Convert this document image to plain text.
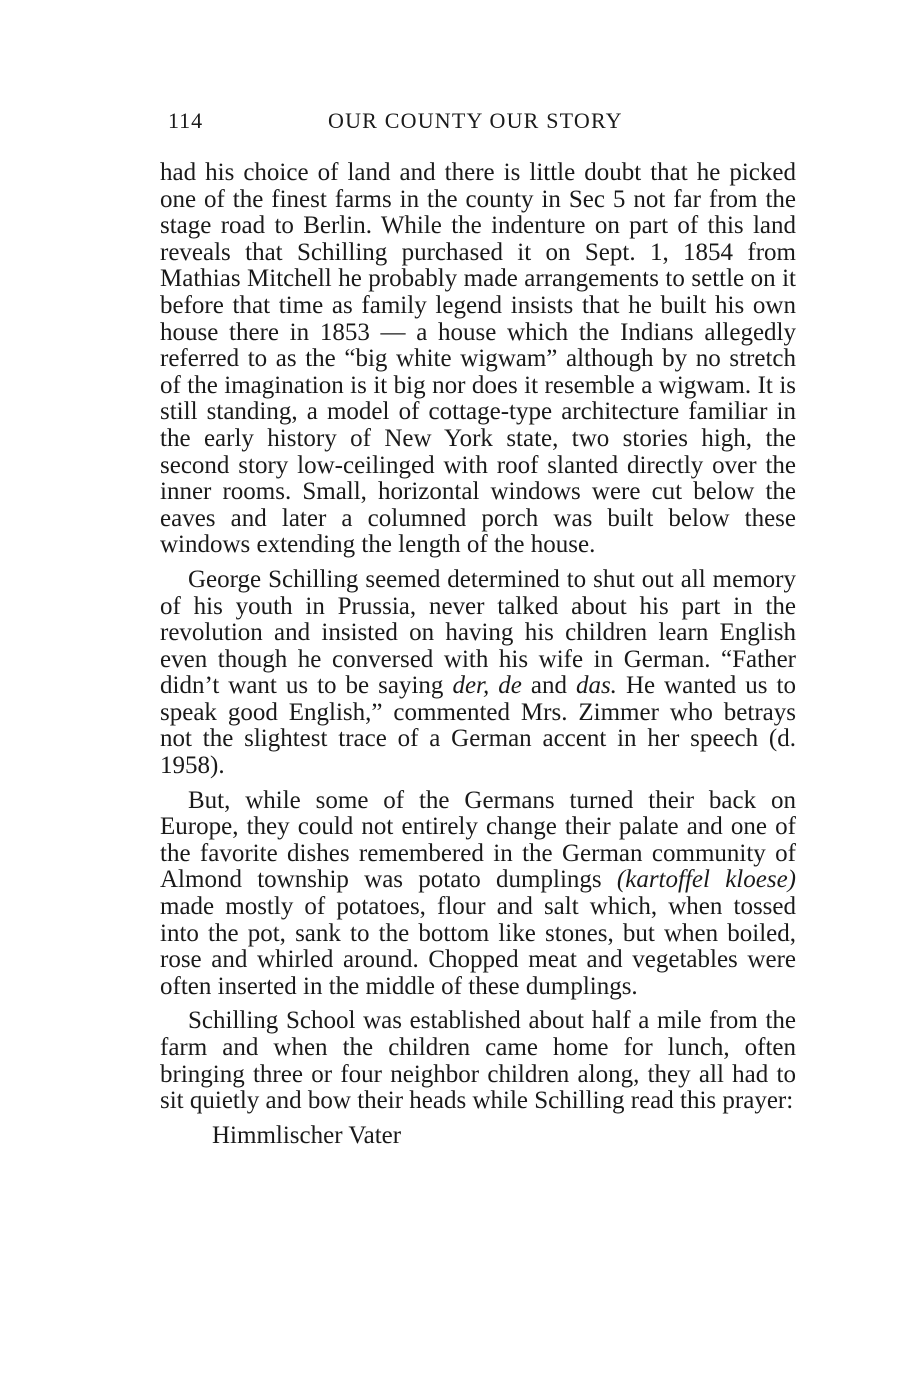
114	OUR COUNTY OUR STORY

had his choice of land and there is little doubt that he picked one of the finest farms in the county in Sec 5 not far from the stage road to Berlin. While the indenture on part of this land reveals that Schilling purchased it on Sept. 1, 1854 from Mathias Mitchell he probably made arrangements to settle on it before that time as family legend insists that he built his own house there in 1853 — a house which the Indians allegedly referred to as the “big white wigwam” although by no stretch of the imagination is it big nor does it resemble a wigwam. It is still standing, a model of cottage-type architecture familiar in the early history of New York state, two stories high, the second story low-ceilinged with roof slanted directly over the inner rooms. Small, horizontal windows were cut below the eaves and later a columned porch was built below these windows extending the length of the house.

George Schilling seemed determined to shut out all memory of his youth in Prussia, never talked about his part in the revolution and insisted on having his children learn English even though he conversed with his wife in German. “Father didn’t want us to be saying der, de and das. He wanted us to speak good English,” commented Mrs. Zimmer who betrays not the slightest trace of a German accent in her speech (d. 1958).

But, while some of the Germans turned their back on Europe, they could not entirely change their palate and one of the favorite dishes remembered in the German community of Almond township was potato dumplings (kartoffel kloese) made mostly of potatoes, flour and salt which, when tossed into the pot, sank to the bottom like stones, but when boiled, rose and whirled around. Chopped meat and vegetables were often inserted in the middle of these dumplings.

Schilling School was established about half a mile from the farm and when the children came home for lunch, often bringing three or four neighbor children along, they all had to sit quietly and bow their heads while Schilling read this prayer:

Himmlischer Vater
